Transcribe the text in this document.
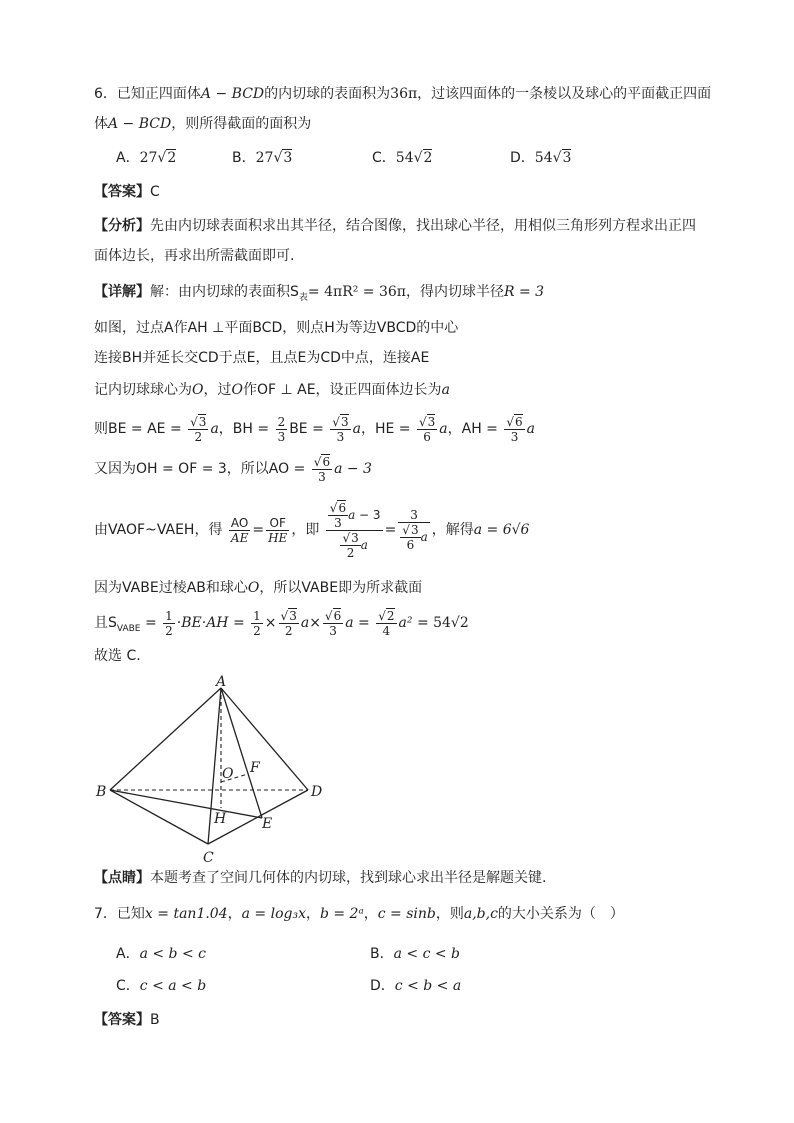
6．已知正四面体A − BCD的内切球的表面积为36π，过该四面体的一条棱以及球心的平面截正四面
体A − BCD，则所得截面的面积为
A．27√2	B．27√3	C．54√2	D．54√3
【答案】C
【分析】先由内切球表面积求出其半径，结合图像，找出球心半径，用相似三角形列方程求出正四
面体边长，再求出所需截面即可.
【详解】解：由内切球的表面积$S_表= 4\pi R^2 = 36\pi$，得内切球半径R = 3
如图，过点A作AH ⊥平面BCD，则点H为等边VBCD的中心
连接BH并延长交CD于点E，且点E为CD中点，连接AE
记内切球球心为O，过O作OF ⊥ AE，设正四面体边长为a
则BE = AE = $\frac{√3}{2}$ a，BH = $\frac{2}{3}$ BE = $\frac{√3}{3}$ a，HE = $\frac{√3}{6}$ a，AH = $\frac{√6}{3}$ a
又因为OH = OF = 3，所以AO = $\frac{√6}{3}$ a − 3
由VAOF~VAEH，得 $\frac{AO}{AE} = \frac{OF}{HE}$ ，即 $\frac{\frac{√6}{3} a - 3}{\frac{√3}{2} a} = \frac{3}{\frac{√3}{6} a}$ ，解得a = 6√6
因为VABE过棱AB和球心O，所以VABE即为所求截面
且$S_{VABE} = \frac{1}{2} \cdot BE\cdot AH = \frac{1}{2} \times \frac{√3}{2} a\times \frac{√6}{3}$ $a = \frac{√2}{4} a^2 = 54√2$
故选 C.
A
B
C
D
E
F
H
O
【点睛】本题考查了空间几何体的内切球，找到球心求出半径是解题关键.
7．已知x = tan1.04，a = log₃x，b = 2ᵃ，c = sinb，则a,b,c的大小关系为（　）
A．a < b < c	B．a < c < b
C．c < a < b	D．c < b < a
【答案】B
